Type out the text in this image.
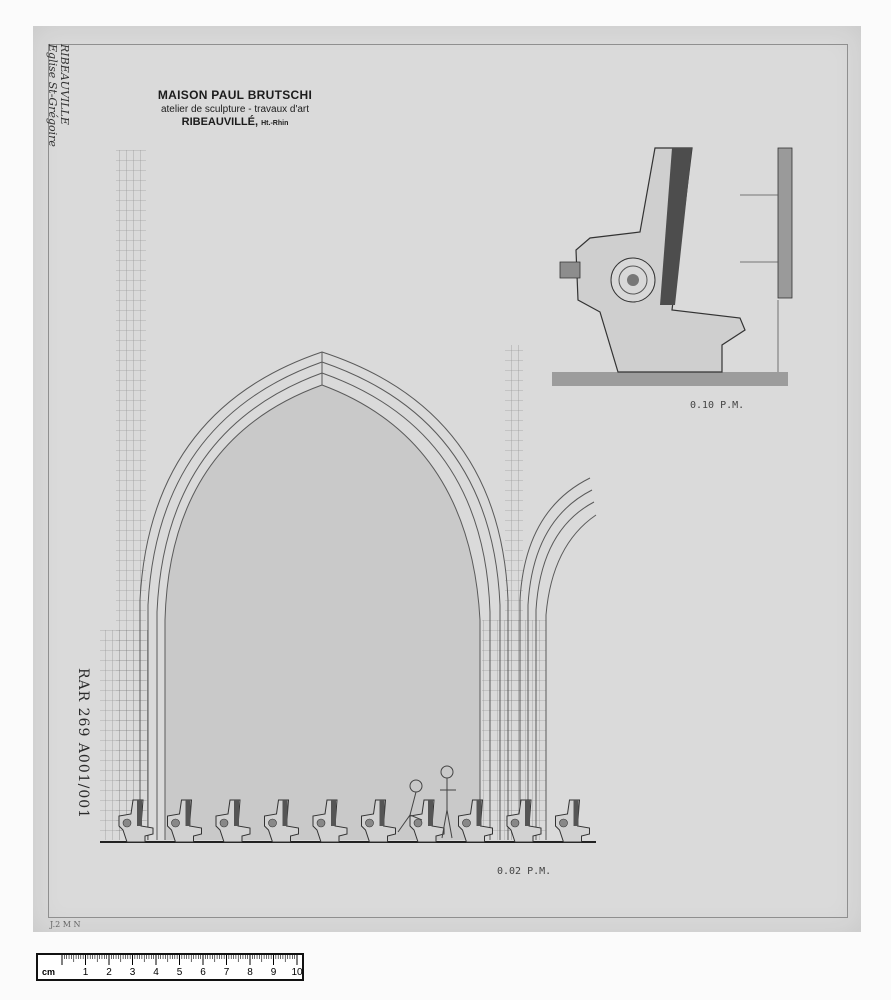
RIBEAUVILLE
Eglise St-Grégoire	MAISON PAUL BRUTSCHI
atelier de sculpture - travaux d'art
RIBEAUVILLÉ, Ht.-Rhin
RAR 269 A001/001
0.10 P.M.
0.02 P.M.
J.2 M N
cm	1 2 3 4 5 6 7 8 9 10
